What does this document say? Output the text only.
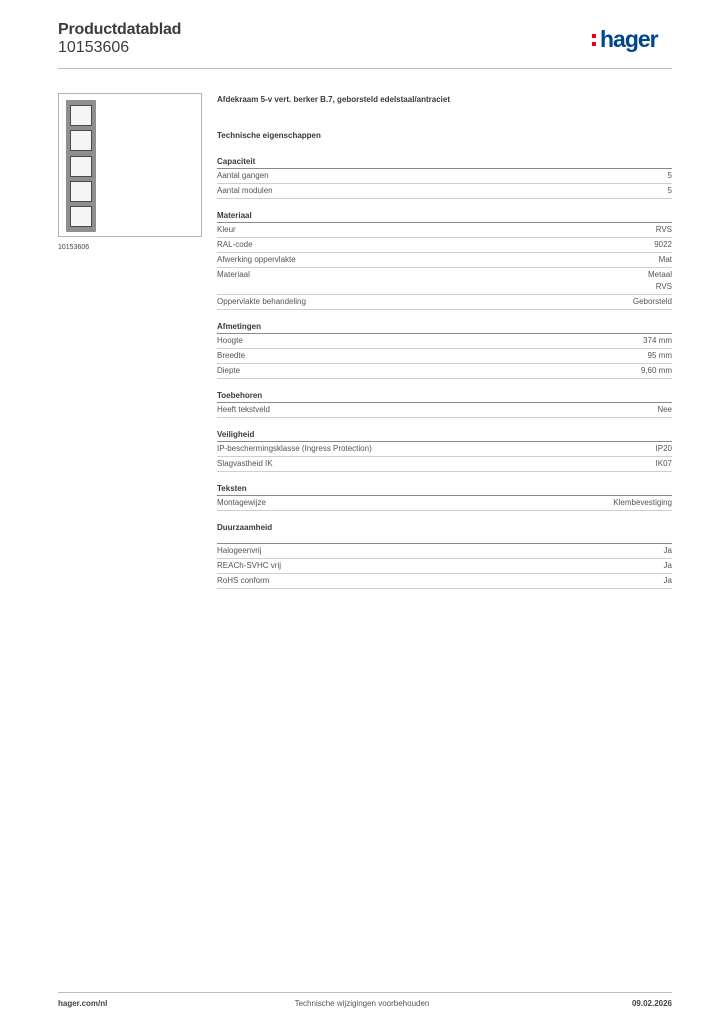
Productdatablad
10153606	hager
10153606
Afdekraam 5-v vert. berker B.7, geborsteld edelstaal/antraciet
Technische eigenschappen
Capaciteit
Aantal gangen	5
Aantal modulen	5
Materiaal
Kleur	RVS
RAL-code	9022
Afwerking oppervlakte	Mat
Materiaal	Metaal
RVS
Oppervlakte behandeling	Geborsteld
Afmetingen
Hoogte	374 mm
Breedte	95 mm
Diepte	9,60 mm
Toebehoren
Heeft tekstveld	Nee
Veiligheid
IP-beschermingsklasse (Ingress Protection)	IP20
Slagvastheid IK	IK07
Teksten
Montagewijze	Klembevestiging
Duurzaamheid
Halogeenvrij	Ja
REACh-SVHC vrij	Ja
RoHS conform	Ja
hager.com/nl	Technische wijzigingen voorbehouden	09.02.2026
